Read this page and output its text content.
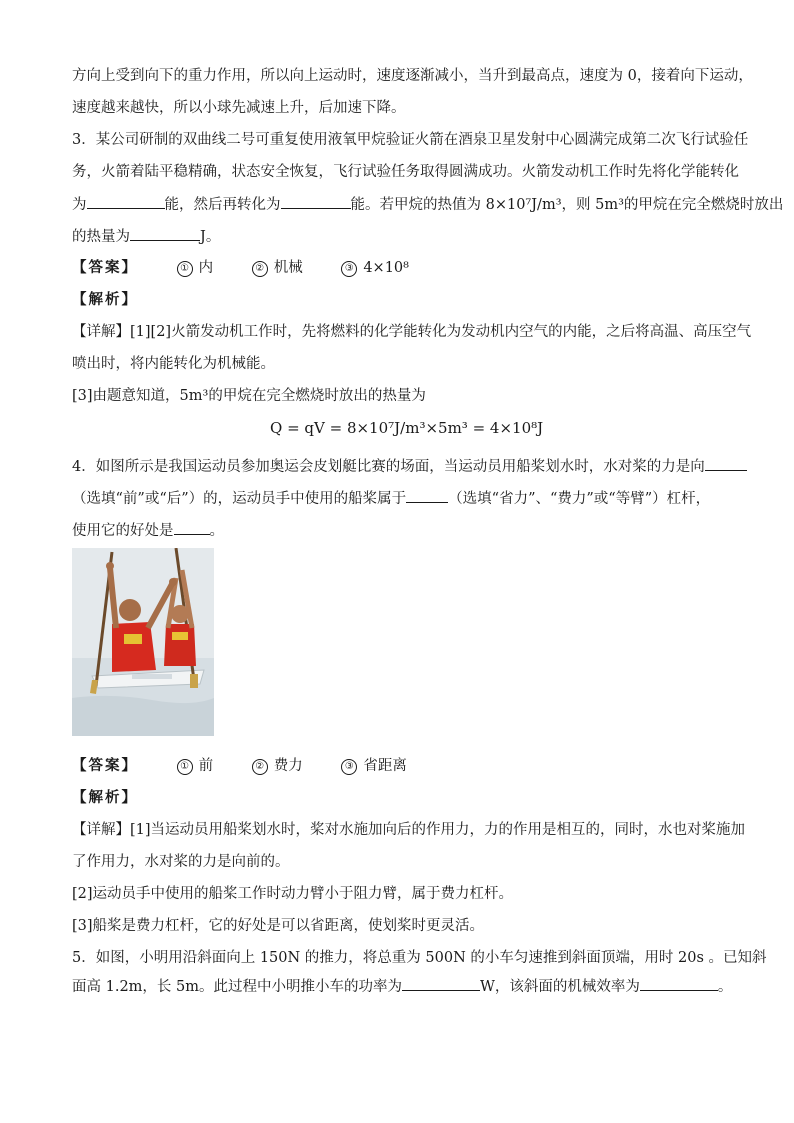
方向上受到向下的重力作用，所以向上运动时，速度逐渐减小，当升到最高点，速度为 0，接着向下运动，
速度越来越快，所以小球先减速上升，后加速下降。
3．某公司研制的双曲线二号可重复使用液氧甲烷验证火箭在酒泉卫星发射中心圆满完成第二次飞行试验任
务，火箭着陆平稳精确，状态安全恢复，飞行试验任务取得圆满成功。火箭发动机工作时先将化学能转化
为	能，然后再转化为	能。若甲烷的热值为 8×10⁷J/m³，则 5m³的甲烷在完全燃烧时放出
的热量为	J。
【答案】	① 内	② 机械	③ 4×10⁸
【解析】
【详解】[1][2]火箭发动机工作时，先将燃料的化学能转化为发动机内空气的内能，之后将高温、高压空气
喷出时，将内能转化为机械能。
[3]由题意知道，5m³的甲烷在完全燃烧时放出的热量为
Q = qV = 8×10⁷J/m³×5m³ = 4×10⁸J
4．如图所示是我国运动员参加奥运会皮划艇比赛的场面，当运动员用船桨划水时，水对桨的力是向
（选填“前”或“后”）的，运动员手中使用的船桨属于	（选填“省力”、“费力”或“等臂”）杠杆，
使用它的好处是 。
【答案】	① 前	② 费力	③ 省距离
【解析】
【详解】[1]当运动员用船桨划水时，桨对水施加向后的作用力，力的作用是相互的，同时，水也对桨施加
了作用力，水对桨的力是向前的。
[2]运动员手中使用的船桨工作时动力臂小于阻力臂，属于费力杠杆。
[3]船桨是费力杠杆，它的好处是可以省距离，使划桨时更灵活。
5．如图，小明用沿斜面向上 150N 的推力，将总重为 500N 的小车匀速推到斜面顶端，用时 20s 。已知斜
面高 1.2m，长 5m。此过程中小明推小车的功率为	W，该斜面的机械效率为	。
